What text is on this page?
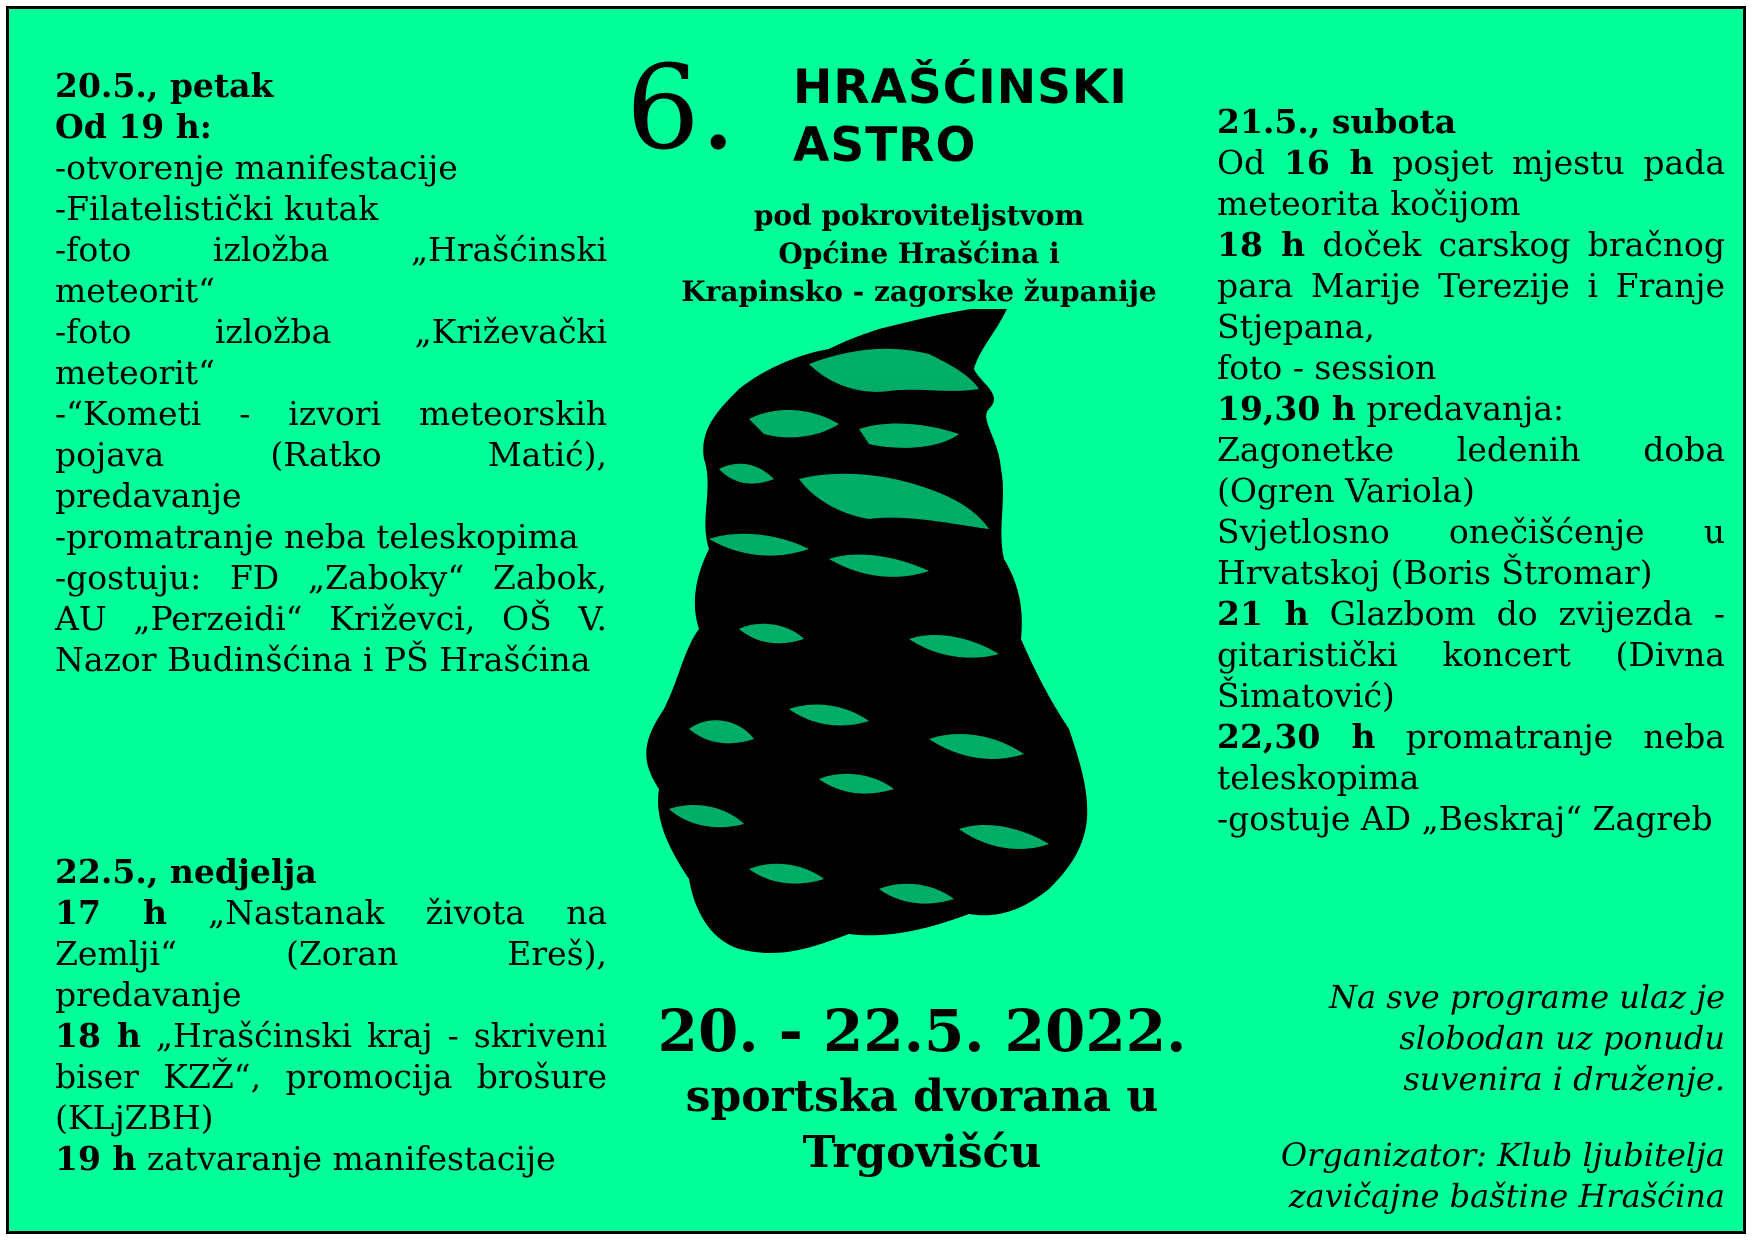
20.5., petak

Od 19 h:

-otvorenje manifestacije

-Filatelistički kutak

-foto izložba „Hrašćinski meteorit“

-foto izložba „Križevački meteorit“

-“Kometi - izvori meteorskih pojava (Ratko Matić), predavanje

-promatranje neba teleskopima

-gostuju: FD „Zaboky“ Zabok, AU „Perzeidi“ Križevci, OŠ V. Nazor Budinšćina i PŠ Hrašćina

22.5., nedjelja

17 h „Nastanak života na Zemlji“ (Zoran Ereš), predavanje

18 h „Hrašćinski kraj - skriveni biser KZŽ“, promocija brošure (KLjZBH)

19 h zatvaranje manifestacije

6. HRAŠĆINSKI
ASTRO
pod pokroviteljstvom
Općine Hrašćina i
Krapinsko - zagorske županije
20. - 22.5. 2022.
sportska dvorana u
Trgovišću

21.5., subota

Od 16 h posjet mjestu pada meteorita kočijom

18 h doček carskog bračnog para Marije Terezije i Franje Stjepana,

foto - session

19,30 h predavanja:

Zagonetke ledenih doba (Ogren Variola)

Svjetlosno onečišćenje u Hrvatskoj (Boris Štromar)

21 h Glazbom do zvijezda - gitaristički koncert (Divna Šimatović)

22,30 h promatranje neba teleskopima

-gostuje AD „Beskraj“ Zagreb

Na sve programe ulaz je
slobodan uz ponudu
suvenira i druženje.
Organizator: Klub ljubitelja
zavičajne baštine Hrašćina
